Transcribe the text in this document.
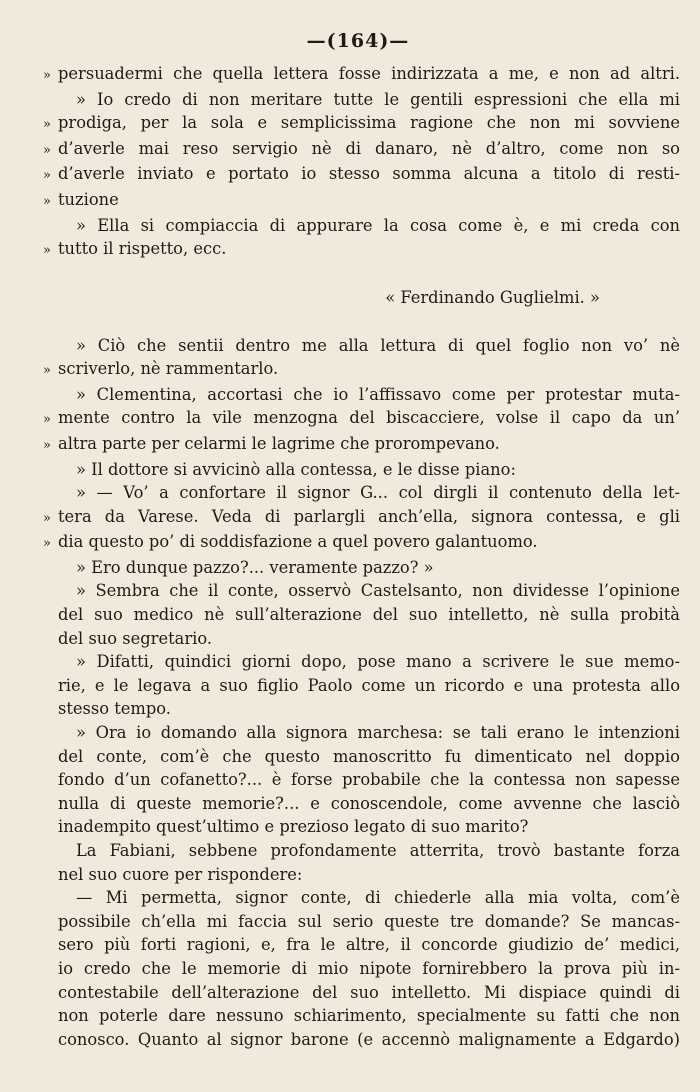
—(164)—
» persuadermi che quella lettera fosse indirizzata a me, e non ad altri.
» Io credo di non meritare tutte le gentili espressioni che ella mi
» prodiga, per la sola e semplicissima ragione che non mi sovviene
» d’averle mai reso servigio nè di danaro, nè d’altro, come non so
» d’averle inviato e portato io stesso somma alcuna a titolo di resti-
» tuzione
» Ella si compiaccia di appurare la cosa come è, e mi creda con
» tutto il rispetto, ecc.
« Ferdinando Guglielmi. »
» Ciò che sentii dentro me alla lettura di quel foglio non vo’ nè
» scriverlo, nè rammentarlo.
» Clementina, accortasi che io l’affissavo come per protestar muta-
» mente contro la vile menzogna del biscacciere, volse il capo da un’
» altra parte per celarmi le lagrime che prorompevano.
» Il dottore si avvicinò alla contessa, e le disse piano:
» — Vo’ a confortare il signor G... col dirgli il contenuto della let-
» tera da Varese. Veda di parlargli anch’ella, signora contessa, e gli
» dia questo po’ di soddisfazione a quel povero galantuomo.
» Ero dunque pazzo?... veramente pazzo? »
» Sembra che il conte, osservò Castelsanto, non dividesse l’opinione
del suo medico nè sull’alterazione del suo intelletto, nè sulla probità
del suo segretario.
» Difatti, quindici giorni dopo, pose mano a scrivere le sue memo-
rie, e le legava a suo figlio Paolo come un ricordo e una protesta allo
stesso tempo.
» Ora io domando alla signora marchesa: se tali erano le intenzioni
del conte, com’è che questo manoscritto fu dimenticato nel doppio
fondo d’un cofanetto?... è forse probabile che la contessa non sapesse
nulla di queste memorie?... e conoscendole, come avvenne che lasciò
inadempito quest’ultimo e prezioso legato di suo marito?
La Fabiani, sebbene profondamente atterrita, trovò bastante forza
nel suo cuore per rispondere:
— Mi permetta, signor conte, di chiederle alla mia volta, com’è
possibile ch’ella mi faccia sul serio queste tre domande? Se mancas-
sero più forti ragioni, e, fra le altre, il concorde giudizio de’ medici,
io credo che le memorie di mio nipote fornirebbero la prova più in-
contestabile dell’alterazione del suo intelletto. Mi dispiace quindi di
non poterle dare nessuno schiarimento, specialmente su fatti che non
conosco. Quanto al signor barone (e accennò malignamente a Edgardo)
